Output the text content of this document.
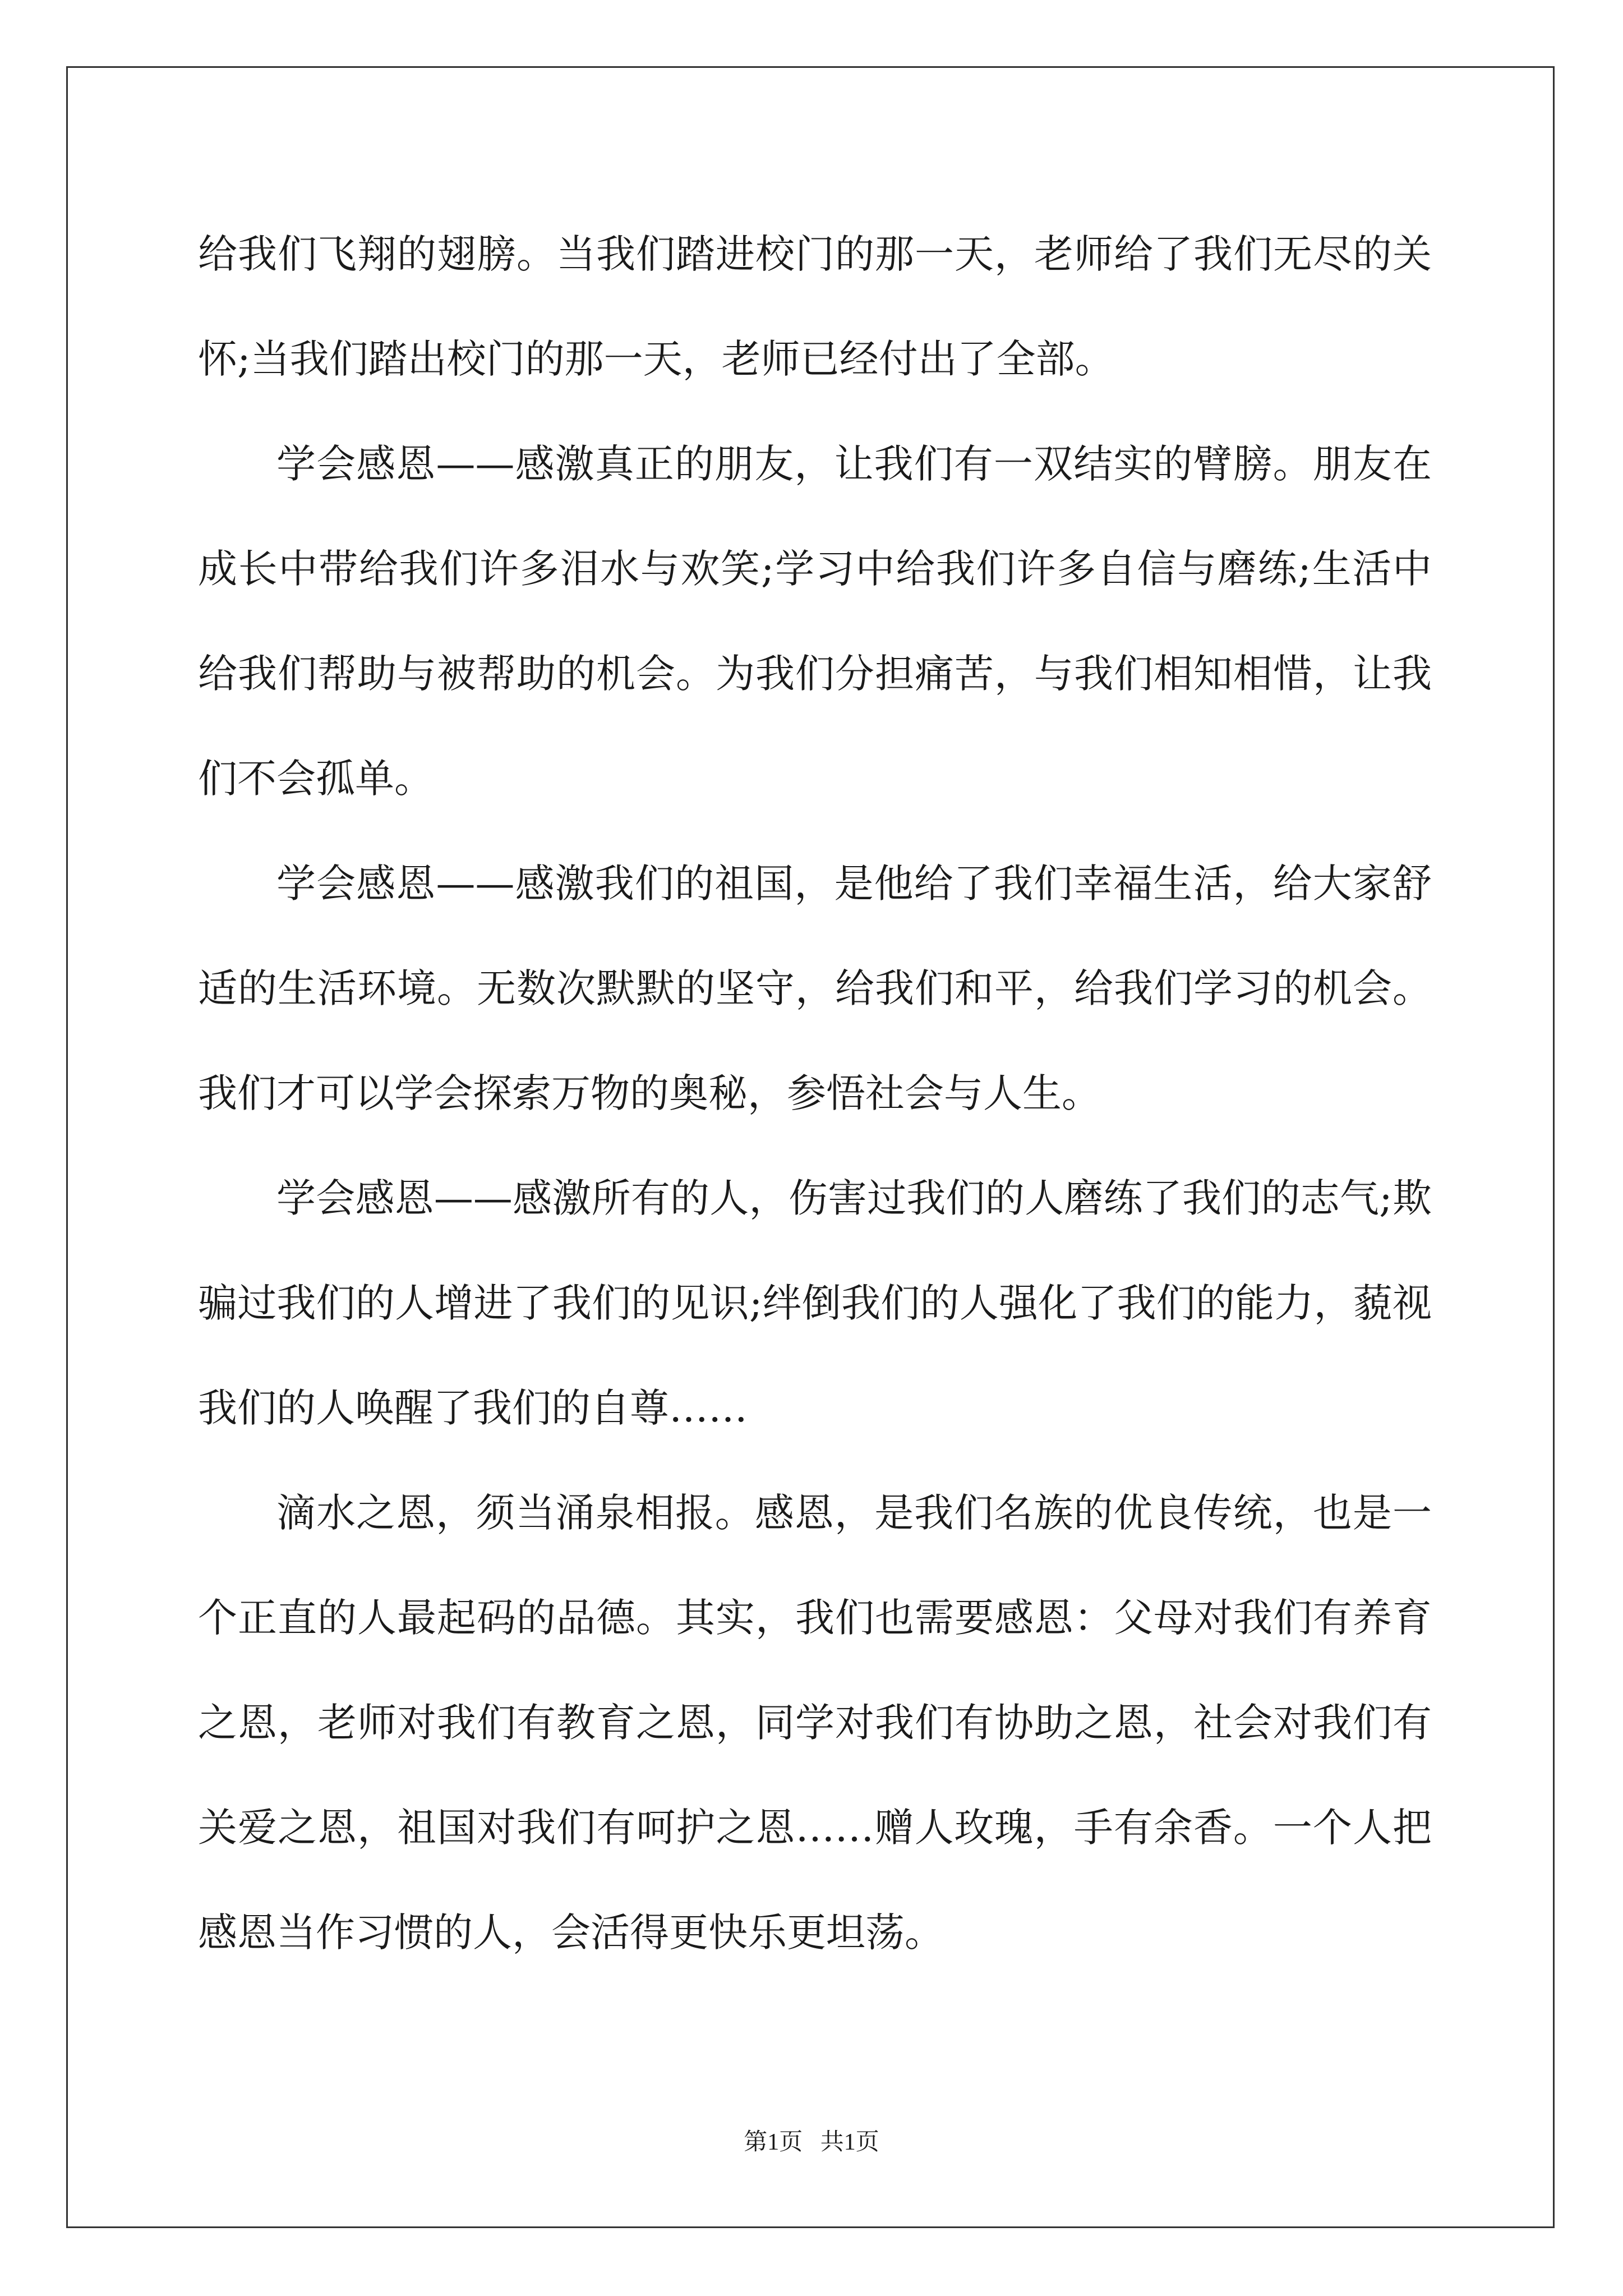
给我们飞翔的翅膀。当我们踏进校门的那一天，老师给了我们无尽的关怀;当我们踏出校门的那一天，老师已经付出了全部。

学会感恩——感激真正的朋友，让我们有一双结实的臂膀。朋友在成长中带给我们许多泪水与欢笑;学习中给我们许多自信与磨练;生活中给我们帮助与被帮助的机会。为我们分担痛苦，与我们相知相惜，让我们不会孤单。

学会感恩——感激我们的祖国，是他给了我们幸福生活，给大家舒适的生活环境。无数次默默的坚守，给我们和平，给我们学习的机会。我们才可以学会探索万物的奥秘，参悟社会与人生。

学会感恩——感激所有的人，伤害过我们的人磨练了我们的志气;欺骗过我们的人增进了我们的见识;绊倒我们的人强化了我们的能力，藐视我们的人唤醒了我们的自尊……

滴水之恩，须当涌泉相报。感恩，是我们名族的优良传统，也是一个正直的人最起码的品德。其实，我们也需要感恩：父母对我们有养育之恩，老师对我们有教育之恩，同学对我们有协助之恩，社会对我们有关爱之恩，祖国对我们有呵护之恩……赠人玫瑰，手有余香。一个人把感恩当作习惯的人，会活得更快乐更坦荡。

第1页   共1页
